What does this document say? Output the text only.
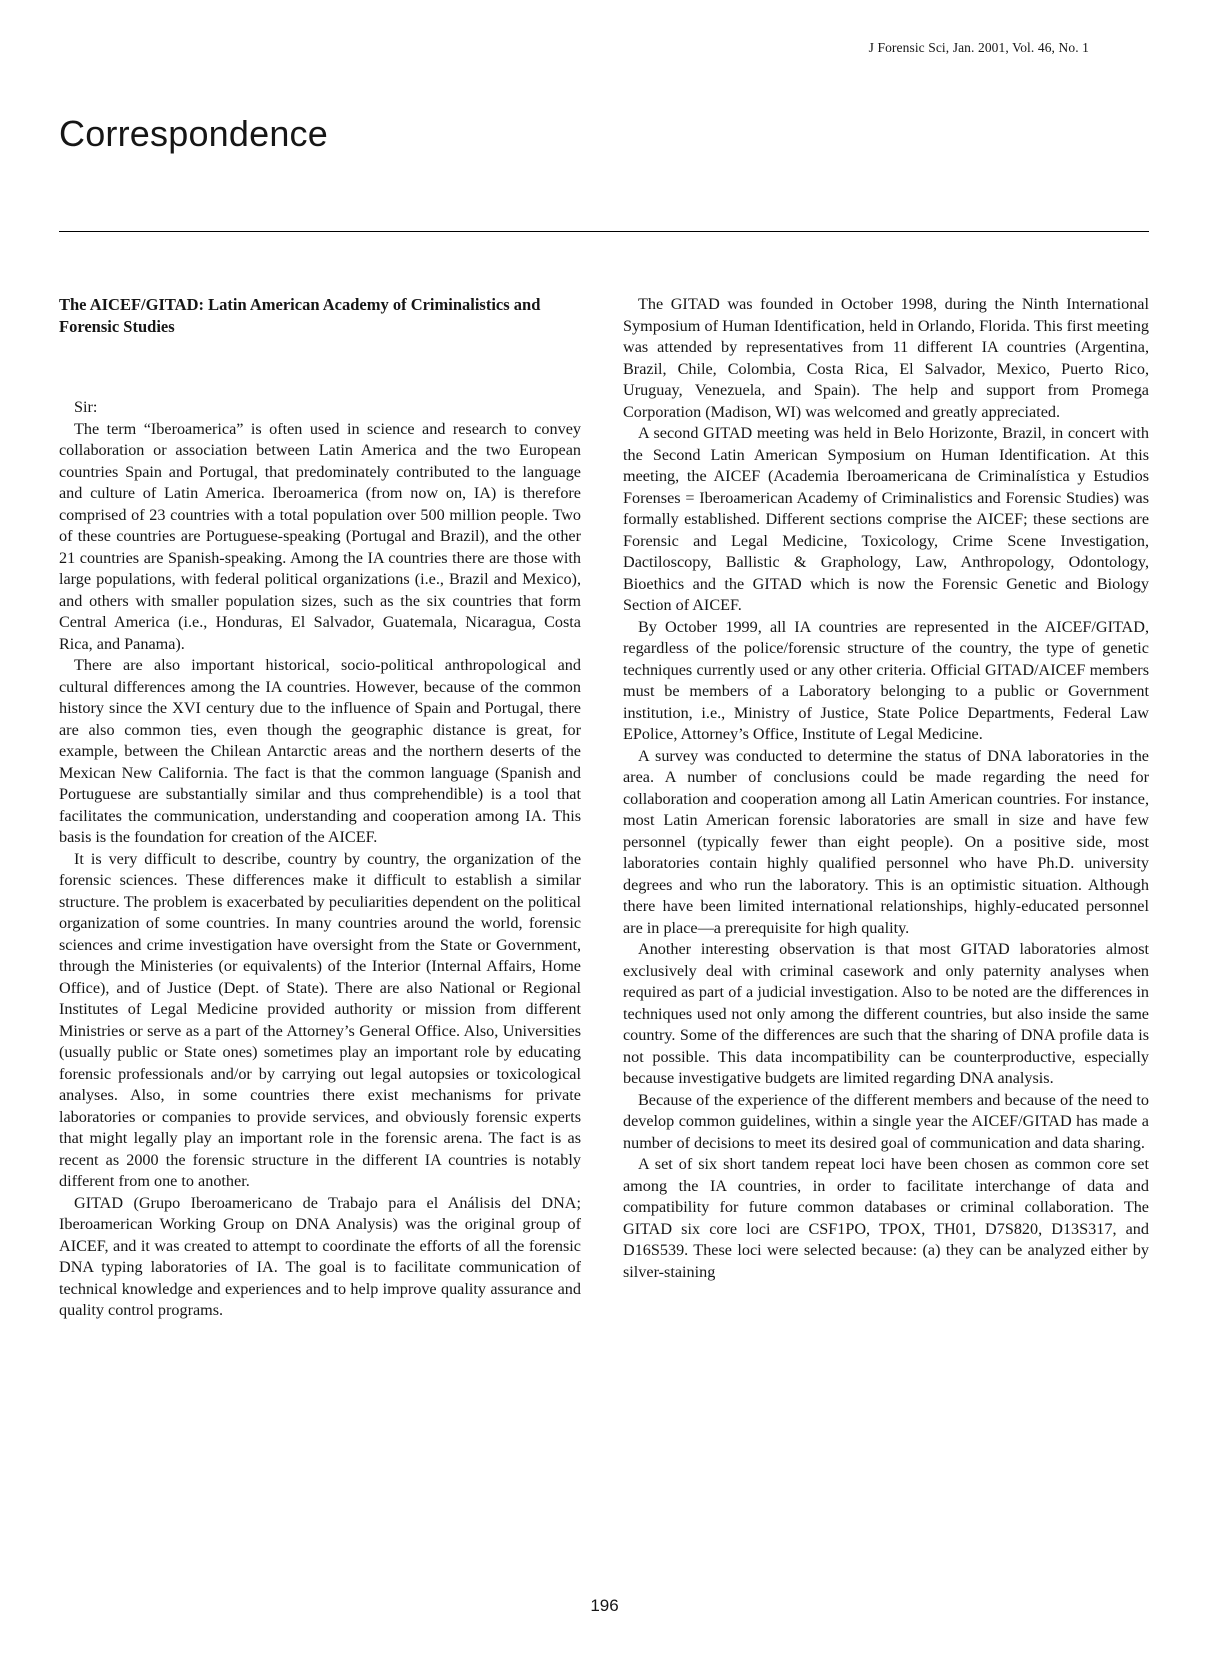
J Forensic Sci, Jan. 2001, Vol. 46, No. 1
Correspondence
The AICEF/GITAD: Latin American Academy of Criminalistics and Forensic Studies

Sir:

The term “Iberoamerica” is often used in science and research to convey collaboration or association between Latin America and the two European countries Spain and Portugal, that predominately contributed to the language and culture of Latin America. Iberoamerica (from now on, IA) is therefore comprised of 23 countries with a total population over 500 million people. Two of these countries are Portuguese-speaking (Portugal and Brazil), and the other 21 countries are Spanish-speaking. Among the IA countries there are those with large populations, with federal political organizations (i.e., Brazil and Mexico), and others with smaller population sizes, such as the six countries that form Central America (i.e., Honduras, El Salvador, Guatemala, Nicaragua, Costa Rica, and Panama).

There are also important historical, socio-political anthropological and cultural differences among the IA countries. However, because of the common history since the XVI century due to the influence of Spain and Portugal, there are also common ties, even though the geographic distance is great, for example, between the Chilean Antarctic areas and the northern deserts of the Mexican New California. The fact is that the common language (Spanish and Portuguese are substantially similar and thus comprehendible) is a tool that facilitates the communication, understanding and cooperation among IA. This basis is the foundation for creation of the AICEF.

It is very difficult to describe, country by country, the organization of the forensic sciences. These differences make it difficult to establish a similar structure. The problem is exacerbated by peculiarities dependent on the political organization of some countries. In many countries around the world, forensic sciences and crime investigation have oversight from the State or Government, through the Ministeries (or equivalents) of the Interior (Internal Affairs, Home Office), and of Justice (Dept. of State). There are also National or Regional Institutes of Legal Medicine provided authority or mission from different Ministries or serve as a part of the Attorney’s General Office. Also, Universities (usually public or State ones) sometimes play an important role by educating forensic professionals and/or by carrying out legal autopsies or toxicological analyses. Also, in some countries there exist mechanisms for private laboratories or companies to provide services, and obviously forensic experts that might legally play an important role in the forensic arena. The fact is as recent as 2000 the forensic structure in the different IA countries is notably different from one to another.

GITAD (Grupo Iberoamericano de Trabajo para el Análisis del DNA; Iberoamerican Working Group on DNA Analysis) was the original group of AICEF, and it was created to attempt to coordinate the efforts of all the forensic DNA typing laboratories of IA. The goal is to facilitate communication of technical knowledge and experiences and to help improve quality assurance and quality control programs.

The GITAD was founded in October 1998, during the Ninth International Symposium of Human Identification, held in Orlando, Florida. This first meeting was attended by representatives from 11 different IA countries (Argentina, Brazil, Chile, Colombia, Costa Rica, El Salvador, Mexico, Puerto Rico, Uruguay, Venezuela, and Spain). The help and support from Promega Corporation (Madison, WI) was welcomed and greatly appreciated.

A second GITAD meeting was held in Belo Horizonte, Brazil, in concert with the Second Latin American Symposium on Human Identification. At this meeting, the AICEF (Academia Iberoamericana de Criminalística y Estudios Forenses = Iberoamerican Academy of Criminalistics and Forensic Studies) was formally established. Different sections comprise the AICEF; these sections are Forensic and Legal Medicine, Toxicology, Crime Scene Investigation, Dactiloscopy, Ballistic & Graphology, Law, Anthropology, Odontology, Bioethics and the GITAD which is now the Forensic Genetic and Biology Section of AICEF.

By October 1999, all IA countries are represented in the AICEF/GITAD, regardless of the police/forensic structure of the country, the type of genetic techniques currently used or any other criteria. Official GITAD/AICEF members must be members of a Laboratory belonging to a public or Government institution, i.e., Ministry of Justice, State Police Departments, Federal Law EPolice, Attorney’s Office, Institute of Legal Medicine.

A survey was conducted to determine the status of DNA laboratories in the area. A number of conclusions could be made regarding the need for collaboration and cooperation among all Latin American countries. For instance, most Latin American forensic laboratories are small in size and have few personnel (typically fewer than eight people). On a positive side, most laboratories contain highly qualified personnel who have Ph.D. university degrees and who run the laboratory. This is an optimistic situation. Although there have been limited international relationships, highly-educated personnel are in place—a prerequisite for high quality.

Another interesting observation is that most GITAD laboratories almost exclusively deal with criminal casework and only paternity analyses when required as part of a judicial investigation. Also to be noted are the differences in techniques used not only among the different countries, but also inside the same country. Some of the differences are such that the sharing of DNA profile data is not possible. This data incompatibility can be counterproductive, especially because investigative budgets are limited regarding DNA analysis.

Because of the experience of the different members and because of the need to develop common guidelines, within a single year the AICEF/GITAD has made a number of decisions to meet its desired goal of communication and data sharing.

A set of six short tandem repeat loci have been chosen as common core set among the IA countries, in order to facilitate interchange of data and compatibility for future common databases or criminal collaboration. The GITAD six core loci are CSF1PO, TPOX, TH01, D7S820, D13S317, and D16S539. These loci were selected because: (a) they can be analyzed either by silver-staining

196
